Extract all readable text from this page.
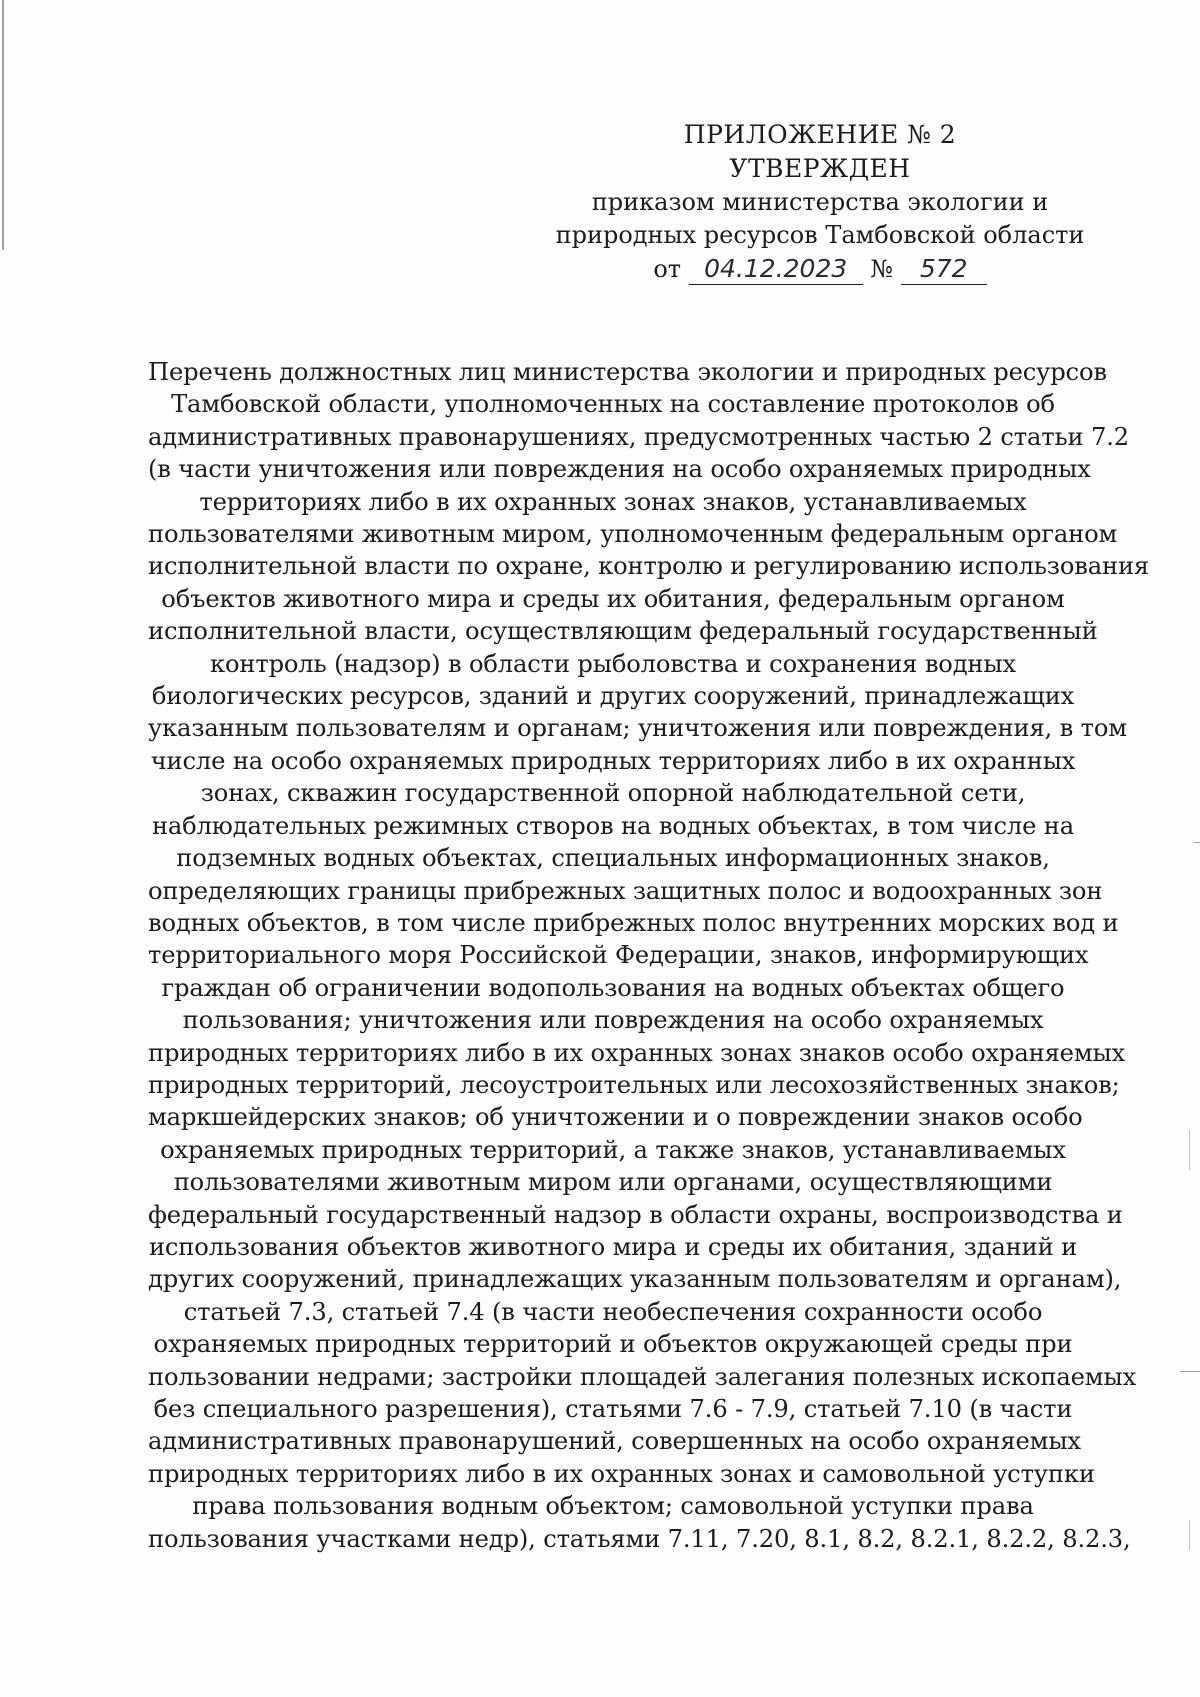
ПРИЛОЖЕНИЕ № 2
УТВЕРЖДЕН
приказом министерства экологии и
природных ресурсов Тамбовской области
от 04.12.2023 № 572
Перечень должностных лиц министерства экологии и природных ресурсов
Тамбовской области, уполномоченных на составление протоколов об
административных правонарушениях, предусмотренных частью 2 статьи 7.2
(в части уничтожения или повреждения на особо охраняемых природных
территориях либо в их охранных зонах знаков, устанавливаемых
пользователями животным миром, уполномоченным федеральным органом
исполнительной власти по охране, контролю и регулированию использования
объектов животного мира и среды их обитания, федеральным органом
исполнительной власти, осуществляющим федеральный государственный
контроль (надзор) в области рыболовства и сохранения водных
биологических ресурсов, зданий и других сооружений, принадлежащих
указанным пользователям и органам; уничтожения или повреждения, в том
числе на особо охраняемых природных территориях либо в их охранных
зонах, скважин государственной опорной наблюдательной сети,
наблюдательных режимных створов на водных объектах, в том числе на
подземных водных объектах, специальных информационных знаков,
определяющих границы прибрежных защитных полос и водоохранных зон
водных объектов, в том числе прибрежных полос внутренних морских вод и
территориального моря Российской Федерации, знаков, информирующих
граждан об ограничении водопользования на водных объектах общего
пользования; уничтожения или повреждения на особо охраняемых
природных территориях либо в их охранных зонах знаков особо охраняемых
природных территорий, лесоустроительных или лесохозяйственных знаков;
маркшейдерских знаков; об уничтожении и о повреждении знаков особо
охраняемых природных территорий, а также знаков, устанавливаемых
пользователями животным миром или органами, осуществляющими
федеральный государственный надзор в области охраны, воспроизводства и
использования объектов животного мира и среды их обитания, зданий и
других сооружений, принадлежащих указанным пользователям и органам),
статьей 7.3, статьей 7.4 (в части необеспечения сохранности особо
охраняемых природных территорий и объектов окружающей среды при
пользовании недрами; застройки площадей залегания полезных ископаемых
без специального разрешения), статьями 7.6 - 7.9, статьей 7.10 (в части
административных правонарушений, совершенных на особо охраняемых
природных территориях либо в их охранных зонах и самовольной уступки
права пользования водным объектом; самовольной уступки права
пользования участками недр), статьями 7.11, 7.20, 8.1, 8.2, 8.2.1, 8.2.2, 8.2.3,
